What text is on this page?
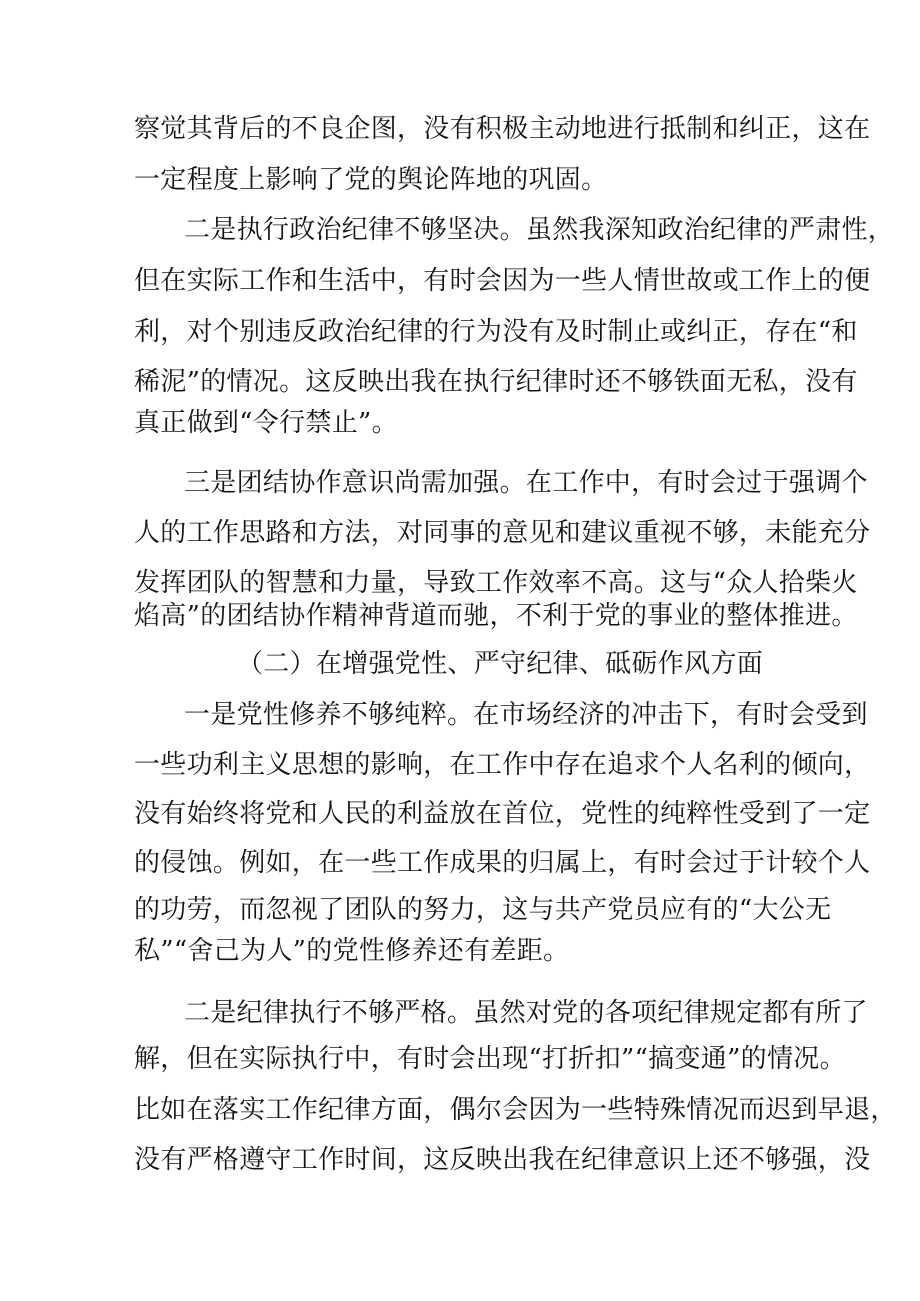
察觉其背后的不良企图，没有积极主动地进行抵制和纠正，这在
一定程度上影响了党的舆论阵地的巩固。
二是执行政治纪律不够坚决。虽然我深知政治纪律的严肃性，
但在实际工作和生活中，有时会因为一些人情世故或工作上的便
利，对个别违反政治纪律的行为没有及时制止或纠正，存在“和
稀泥”的情况。这反映出我在执行纪律时还不够铁面无私，没有
真正做到“令行禁止”。
三是团结协作意识尚需加强。在工作中，有时会过于强调个
人的工作思路和方法，对同事的意见和建议重视不够，未能充分
发挥团队的智慧和力量，导致工作效率不高。这与“众人拾柴火
焰高”的团结协作精神背道而驰，不利于党的事业的整体推进。
（二）在增强党性、严守纪律、砥砺作风方面
一是党性修养不够纯粹。在市场经济的冲击下，有时会受到
一些功利主义思想的影响，在工作中存在追求个人名利的倾向，
没有始终将党和人民的利益放在首位，党性的纯粹性受到了一定
的侵蚀。例如，在一些工作成果的归属上，有时会过于计较个人
的功劳，而忽视了团队的努力，这与共产党员应有的“大公无
私”“舍己为人”的党性修养还有差距。
二是纪律执行不够严格。虽然对党的各项纪律规定都有所了
解，但在实际执行中，有时会出现“打折扣”“搞变通”的情况。
比如在落实工作纪律方面，偶尔会因为一些特殊情况而迟到早退，
没有严格遵守工作时间，这反映出我在纪律意识上还不够强，没
